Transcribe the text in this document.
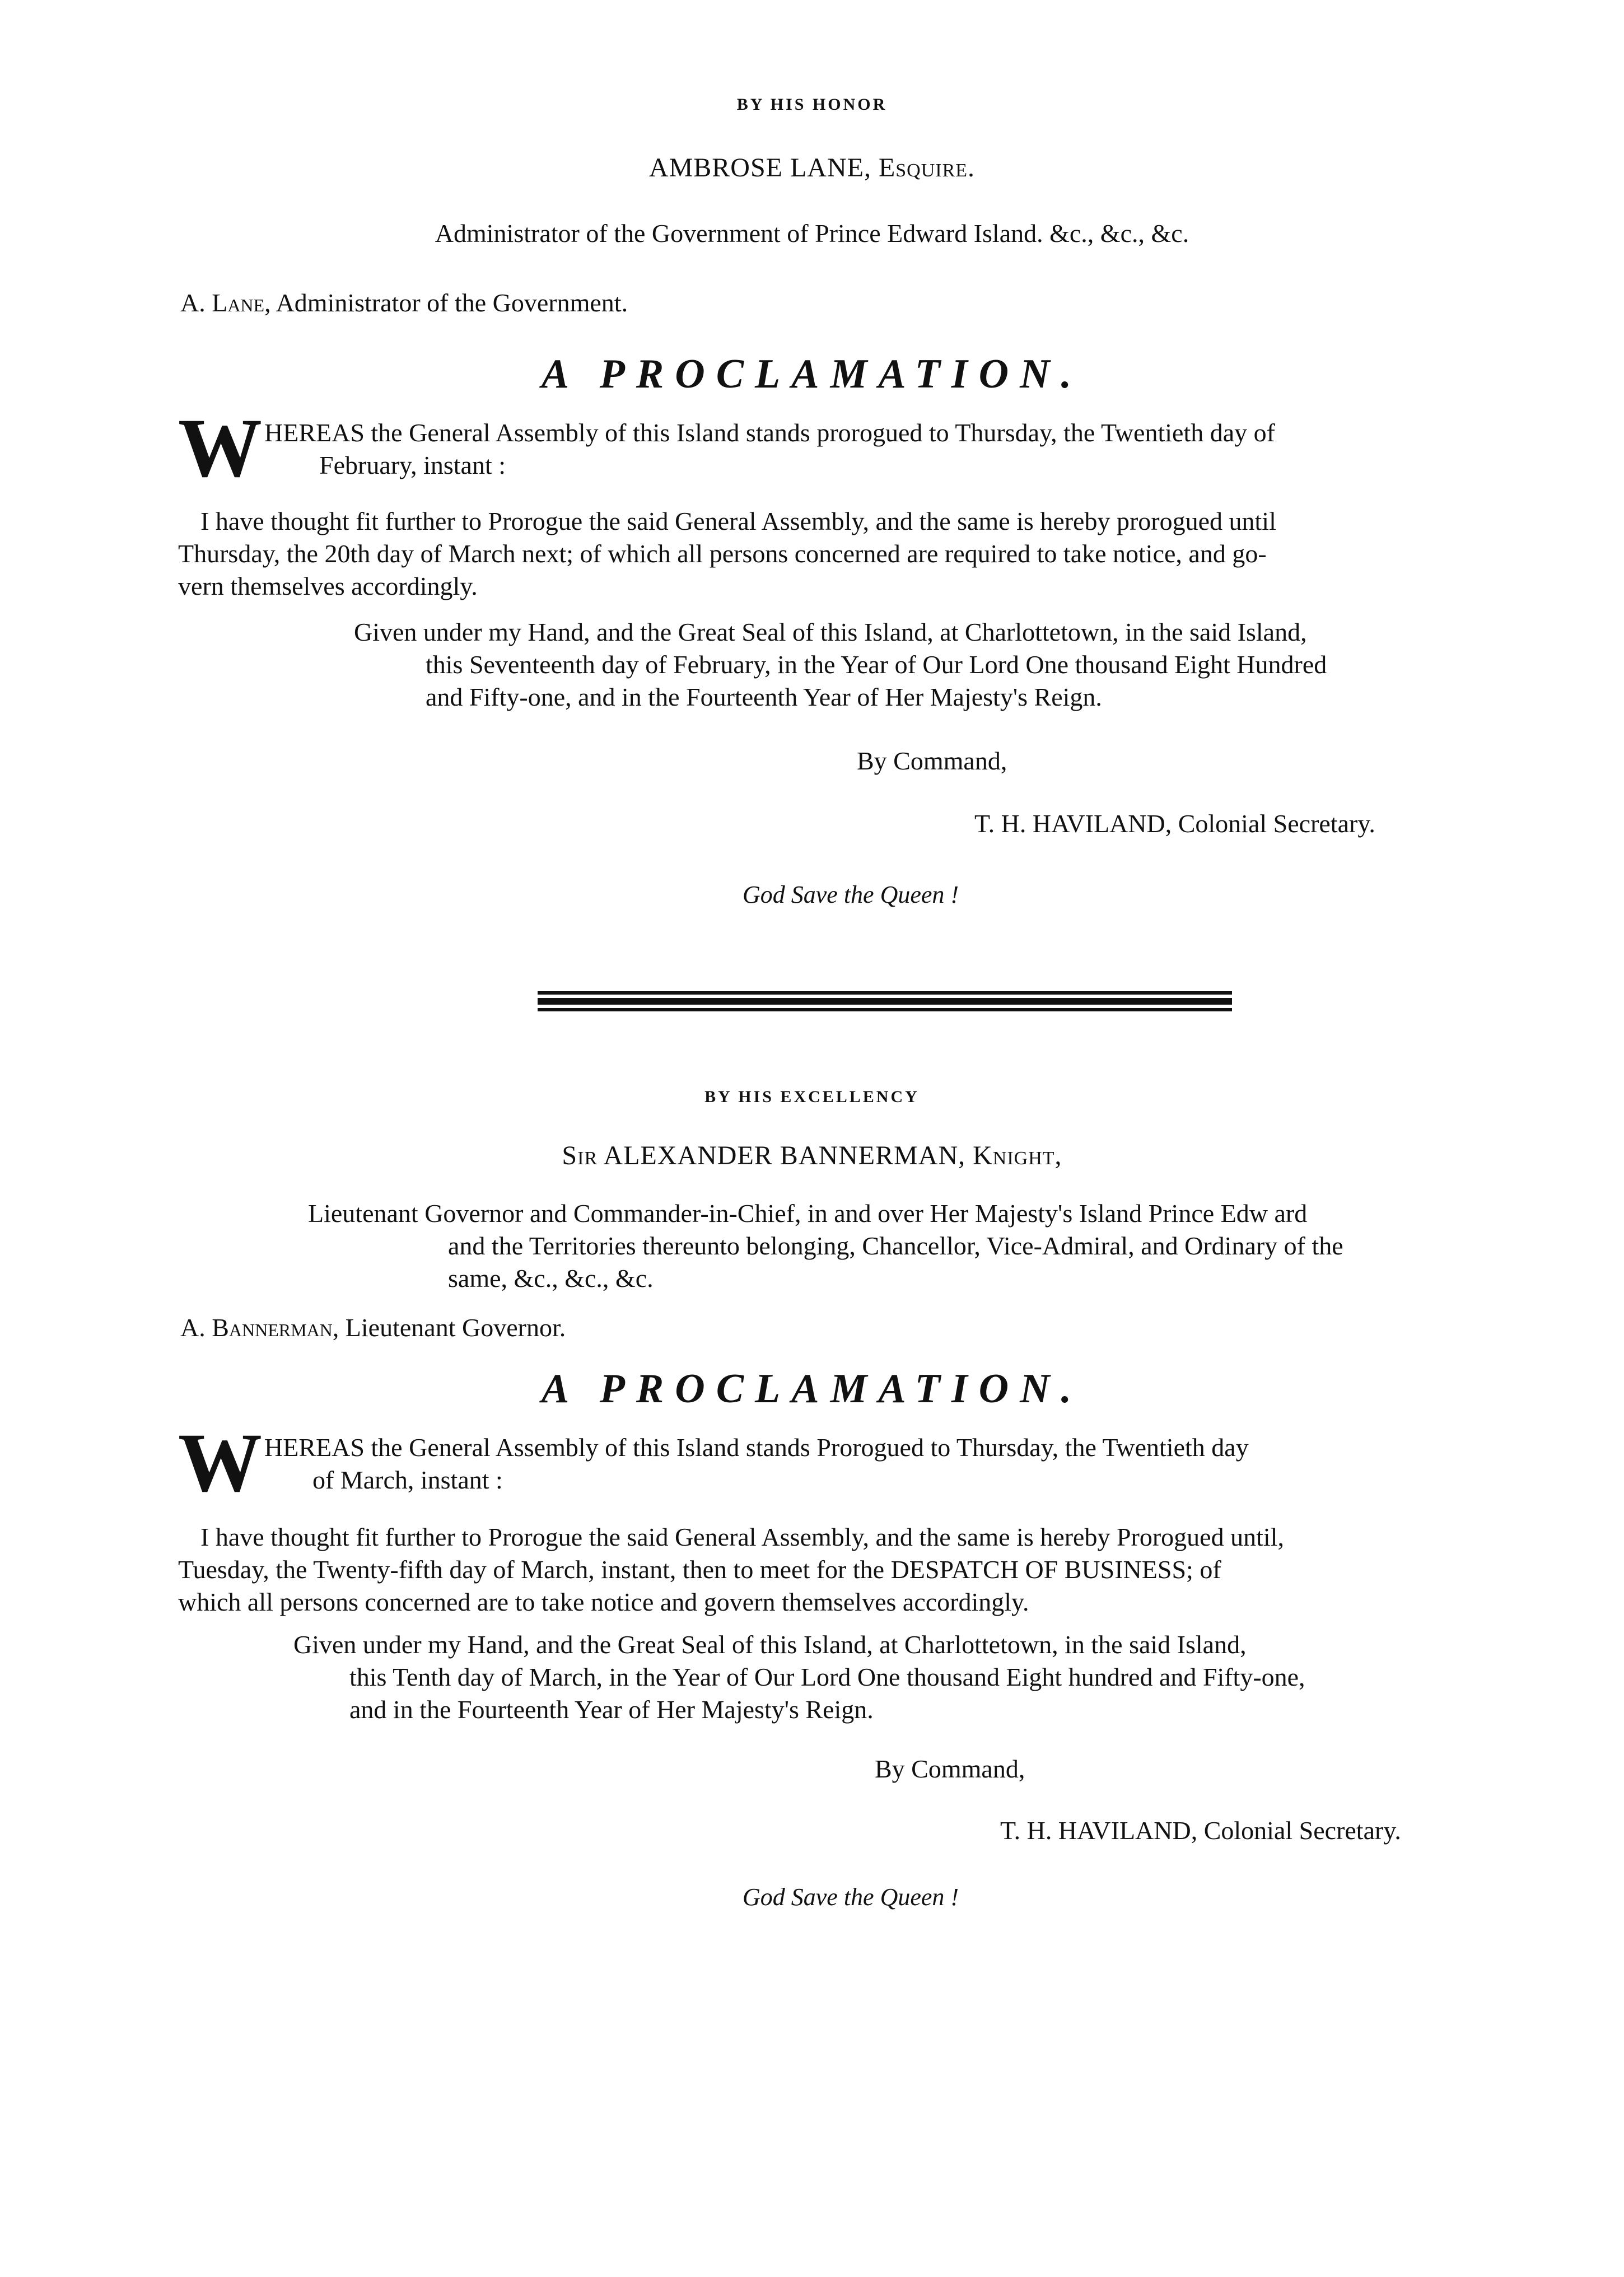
BY HIS HONOR

AMBROSE LANE, Esquire.

Administrator of the Government of Prince Edward Island. &c., &c., &c.

A. Lane, Administrator of the Government.

A PROCLAMATION.

W HEREAS the General Assembly of this Island stands prorogued to Thursday, the Twentieth day of
February, instant :
I have thought fit further to Prorogue the said General Assembly, and the same is hereby prorogued until
Thursday, the 20th day of March next; of which all persons concerned are required to take notice, and go-
vern themselves accordingly.
Given under my Hand, and the Great Seal of this Island, at Charlottetown, in the said Island,
this Seventeenth day of February, in the Year of Our Lord One thousand Eight Hundred
and Fifty-one, and in the Fourteenth Year of Her Majesty's Reign.

By Command,

T. H. HAVILAND, Colonial Secretary.

God Save the Queen !

BY HIS EXCELLENCY

Sir ALEXANDER BANNERMAN, Knight,

Lieutenant Governor and Commander-in-Chief, in and over Her Majesty's Island Prince Edw ard
and the Territories thereunto belonging, Chancellor, Vice-Admiral, and Ordinary of the
same, &c., &c., &c.

A. Bannerman, Lieutenant Governor.

A PROCLAMATION.

W HEREAS the General Assembly of this Island stands Prorogued to Thursday, the Twentieth day
of March, instant :
I have thought fit further to Prorogue the said General Assembly, and the same is hereby Prorogued until,
Tuesday, the Twenty-fifth day of March, instant, then to meet for the DESPATCH OF BUSINESS; of
which all persons concerned are to take notice and govern themselves accordingly.
Given under my Hand, and the Great Seal of this Island, at Charlottetown, in the said Island,
this Tenth day of March, in the Year of Our Lord One thousand Eight hundred and Fifty-one,
and in the Fourteenth Year of Her Majesty's Reign.

By Command,

T. H. HAVILAND, Colonial Secretary.

God Save the Queen !
